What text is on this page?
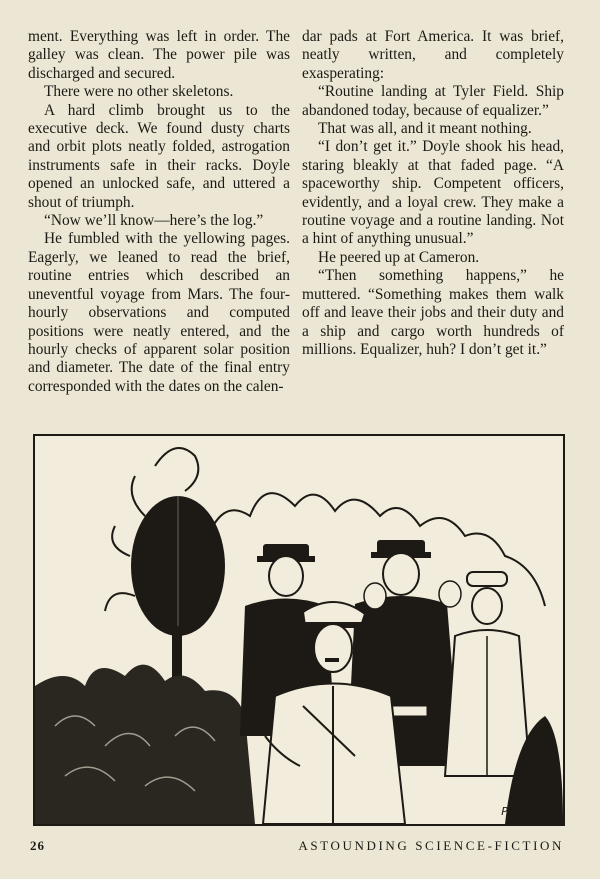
ment. Everything was left in order. The galley was clean. The power pile was discharged and secured.

There were no other skeletons.

A hard climb brought us to the executive deck. We found dusty charts and orbit plots neatly folded, astrogation instruments safe in their racks. Doyle opened an unlocked safe, and uttered a shout of triumph.

“Now we’ll know—here’s the log.”

He fumbled with the yellowing pages. Eagerly, we leaned to read the brief, routine entries which described an uneventful voyage from Mars. The four-hourly observations and computed positions were neatly entered, and the hourly checks of apparent solar position and diameter. The date of the final entry corresponded with the dates on the calen-

dar pads at Fort America. It was brief, neatly written, and completely exasperating:

“Routine landing at Tyler Field. Ship abandoned today, because of equalizer.”

That was all, and it meant nothing.

“I don’t get it.” Doyle shook his head, staring bleakly at that faded page. “A spaceworthy ship. Competent officers, evidently, and a loyal crew. They make a routine voyage and a routine landing. Not a hint of anything unusual.”

He peered up at Cameron.

“Then something happens,” he muttered. “Something makes them walk off and leave their jobs and their duty and a ship and cargo worth hundreds of millions. Equalizer, huh? I don’t get it.”

Pat Davis
26	ASTOUNDING SCIENCE-FICTION
